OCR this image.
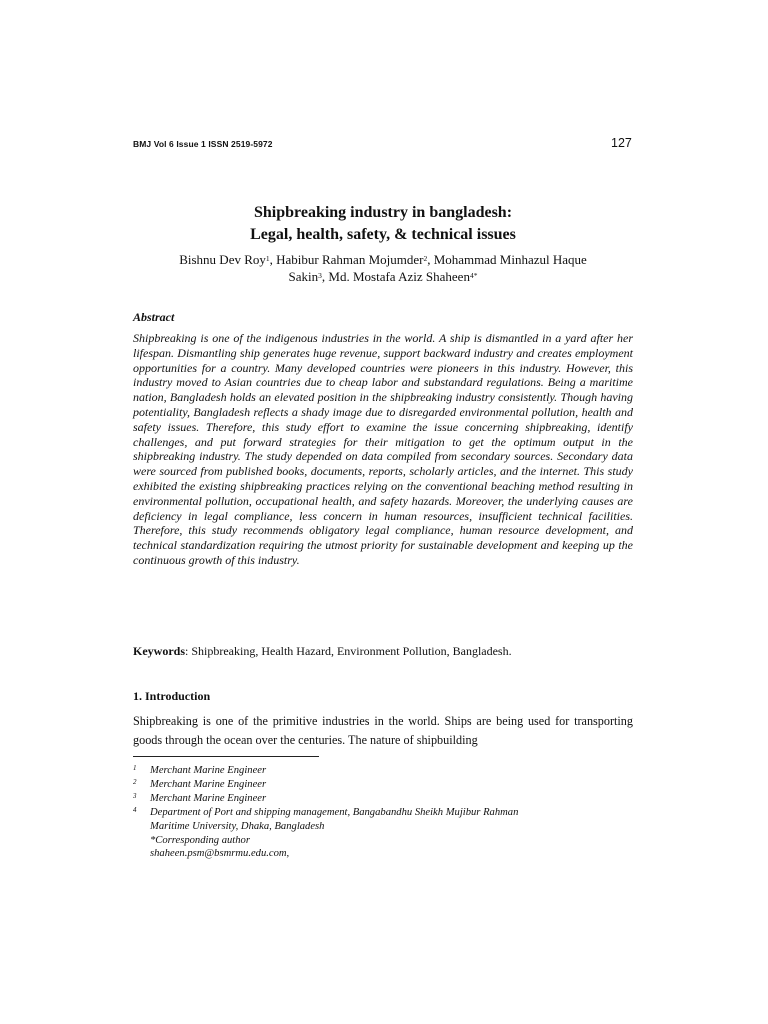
BMJ Vol 6 Issue 1 ISSN 2519-5972	127
Shipbreaking industry in bangladesh:
Legal, health, safety, & technical issues
Bishnu Dev Roy$^1$, Habibur Rahman Mojumder$^2$, Mohammad Minhazul Haque
Sakin$^3$, Md. Mostafa Aziz Shaheen$^{4*}$
Abstract

Shipbreaking is one of the indigenous industries in the world. A ship is dismantled in a yard after her lifespan. Dismantling ship generates huge revenue, support backward industry and creates employment opportunities for a country. Many developed countries were pioneers in this industry. However, this industry moved to Asian countries due to cheap labor and substandard regulations. Being a maritime nation, Bangladesh holds an elevated position in the shipbreaking industry consistently. Though having potentiality, Bangladesh reflects a shady image due to disregarded environmental pollution, health and safety issues. Therefore, this study effort to examine the issue concerning shipbreaking, identify challenges, and put forward strategies for their mitigation to get the optimum output in the shipbreaking industry. The study depended on data compiled from secondary sources. Secondary data were sourced from published books, documents, reports, scholarly articles, and the internet. This study exhibited the existing shipbreaking practices relying on the conventional beaching method resulting in environmental pollution, occupational health, and safety hazards. Moreover, the underlying causes are deficiency in legal compliance, less concern in human resources, insufficient technical facilities. Therefore, this study recommends obligatory legal compliance, human resource development, and technical standardization requiring the utmost priority for sustainable development and keeping up the continuous growth of this industry.

Keywords: Shipbreaking, Health Hazard, Environment Pollution, Bangladesh.
1. Introduction

Shipbreaking is one of the primitive industries in the world. Ships are being used for transporting goods through the ocean over the centuries. The nature of shipbuilding

1 Merchant Marine Engineer
2 Merchant Marine Engineer
3 Merchant Marine Engineer
4 Department of Port and shipping management, Bangabandhu Sheikh Mujibur Rahman
Maritime University, Dhaka, Bangladesh
*Corresponding author
shaheen.psm@bsmrmu.edu.com,
